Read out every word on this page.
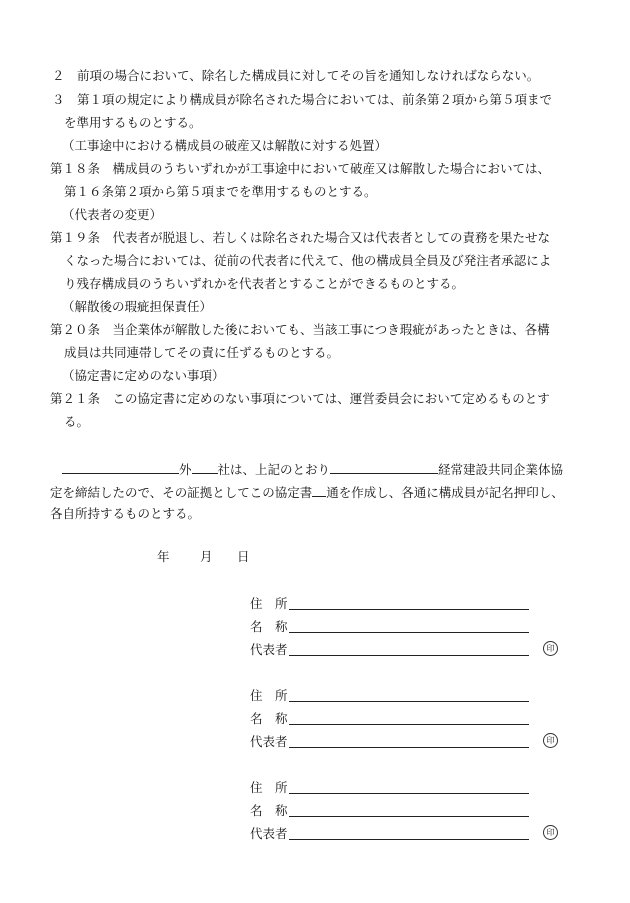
２　前項の場合において、除名した構成員に対してその旨を通知しなければならない。
３　第１項の規定により構成員が除名された場合においては、前条第２項から第５項まで
を準用するものとする。
（工事途中における構成員の破産又は解散に対する処置）
第１８条　構成員のうちいずれかが工事途中において破産又は解散した場合においては、
第１６条第２項から第５項までを準用するものとする。
（代表者の変更）
第１９条　代表者が脱退し、若しくは除名された場合又は代表者としての責務を果たせな
くなった場合においては、従前の代表者に代えて、他の構成員全員及び発注者承認によ
り残存構成員のうちいずれかを代表者とすることができるものとする。
（解散後の瑕疵担保責任）
第２０条　当企業体が解散した後においても、当該工事につき瑕疵があったときは、各構
成員は共同連帯してその責に任ずるものとする。
（協定書に定めのない事項）
第２１条　この協定書に定めのない事項については、運営委員会において定めるものとす
る。
外 社は、上記のとおり	経常建設共同企業体協
定を締結したので、その証拠としてこの協定書 通を作成し、各通に構成員が記名押印し、
各自所持するものとする。
年 月 日
住　所
名　称
代表者	印
住　所
名　称
代表者	印
住　所
名　称
代表者	印
